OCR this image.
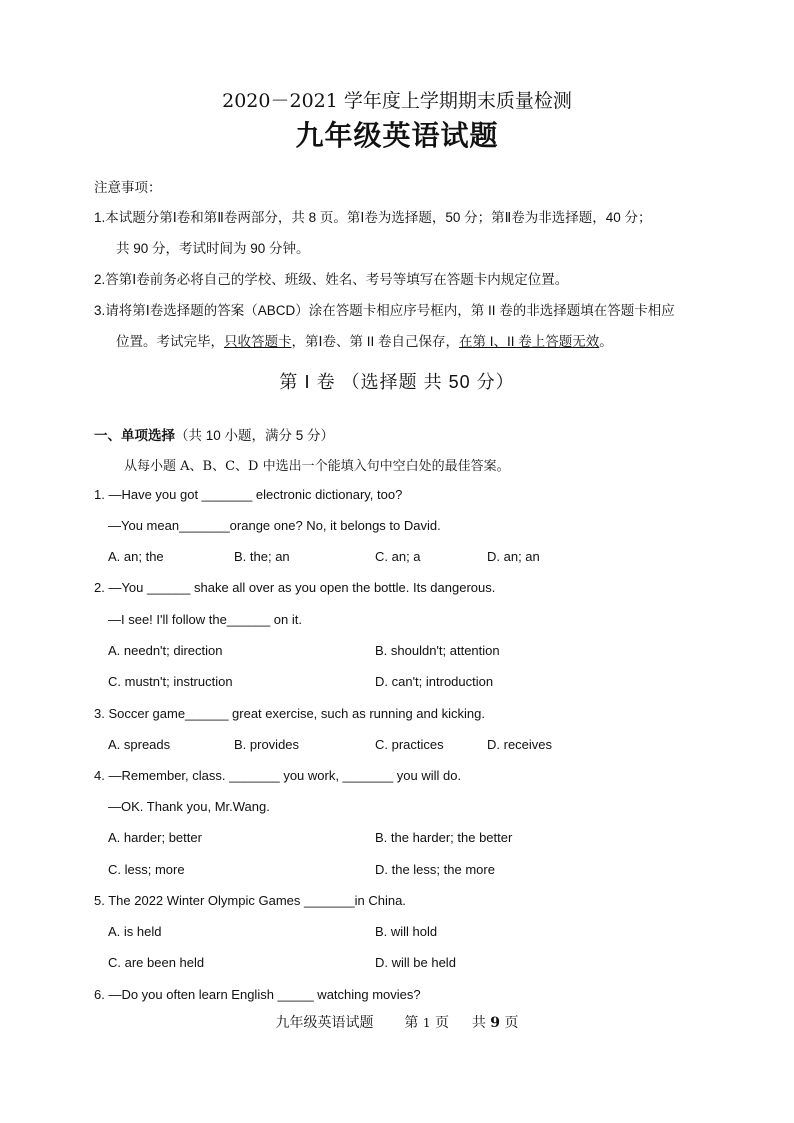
2020－2021 学年度上学期期末质量检测
九年级英语试题
注意事项：
1.本试题分第Ⅰ卷和第Ⅱ卷两部分，共 8 页。第Ⅰ卷为选择题，50 分；第Ⅱ卷为非选择题，40 分；
共 90 分，考试时间为 90 分钟。
2.答第Ⅰ卷前务必将自己的学校、班级、姓名、考号等填写在答题卡内规定位置。
3.请将第Ⅰ卷选择题的答案（ABCD）涂在答题卡相应序号框内，第 II 卷的非选择题填在答题卡相应
位置。考试完毕，只收答题卡，第Ⅰ卷、第 II 卷自己保存，在第 I、II 卷上答题无效。
第 Ⅰ 卷 （选择题 共 50 分）
一、单项选择（共 10 小题，满分 5 分）
从每小题 A、B、C、D 中选出一个能填入句中空白处的最佳答案。
1. —Have you got _______ electronic dictionary, too?
—You mean_______orange one? No, it belongs to David.
A. an; the	B. the; an	C. an; a	D. an; an
2. —You ______ shake all over as you open the bottle. Its dangerous.
—I see! I'll follow the______ on it.
A. needn't; direction	B. shouldn't; attention
C. mustn't; instruction	D. can't; introduction
3. Soccer game______ great exercise, such as running and kicking.
A. spreads	B. provides	C. practices	D. receives
4. —Remember, class. _______ you work, _______ you will do.
—OK. Thank you, Mr.Wang.
A. harder; better	B. the harder; the better
C. less; more	D. the less; the more
5. The 2022 Winter Olympic Games _______in China.
A. is held	B. will hold
C. are been held	D. will be held
6. —Do you often learn English _____ watching movies?
九年级英语试题 第 1 页 共 9 页
